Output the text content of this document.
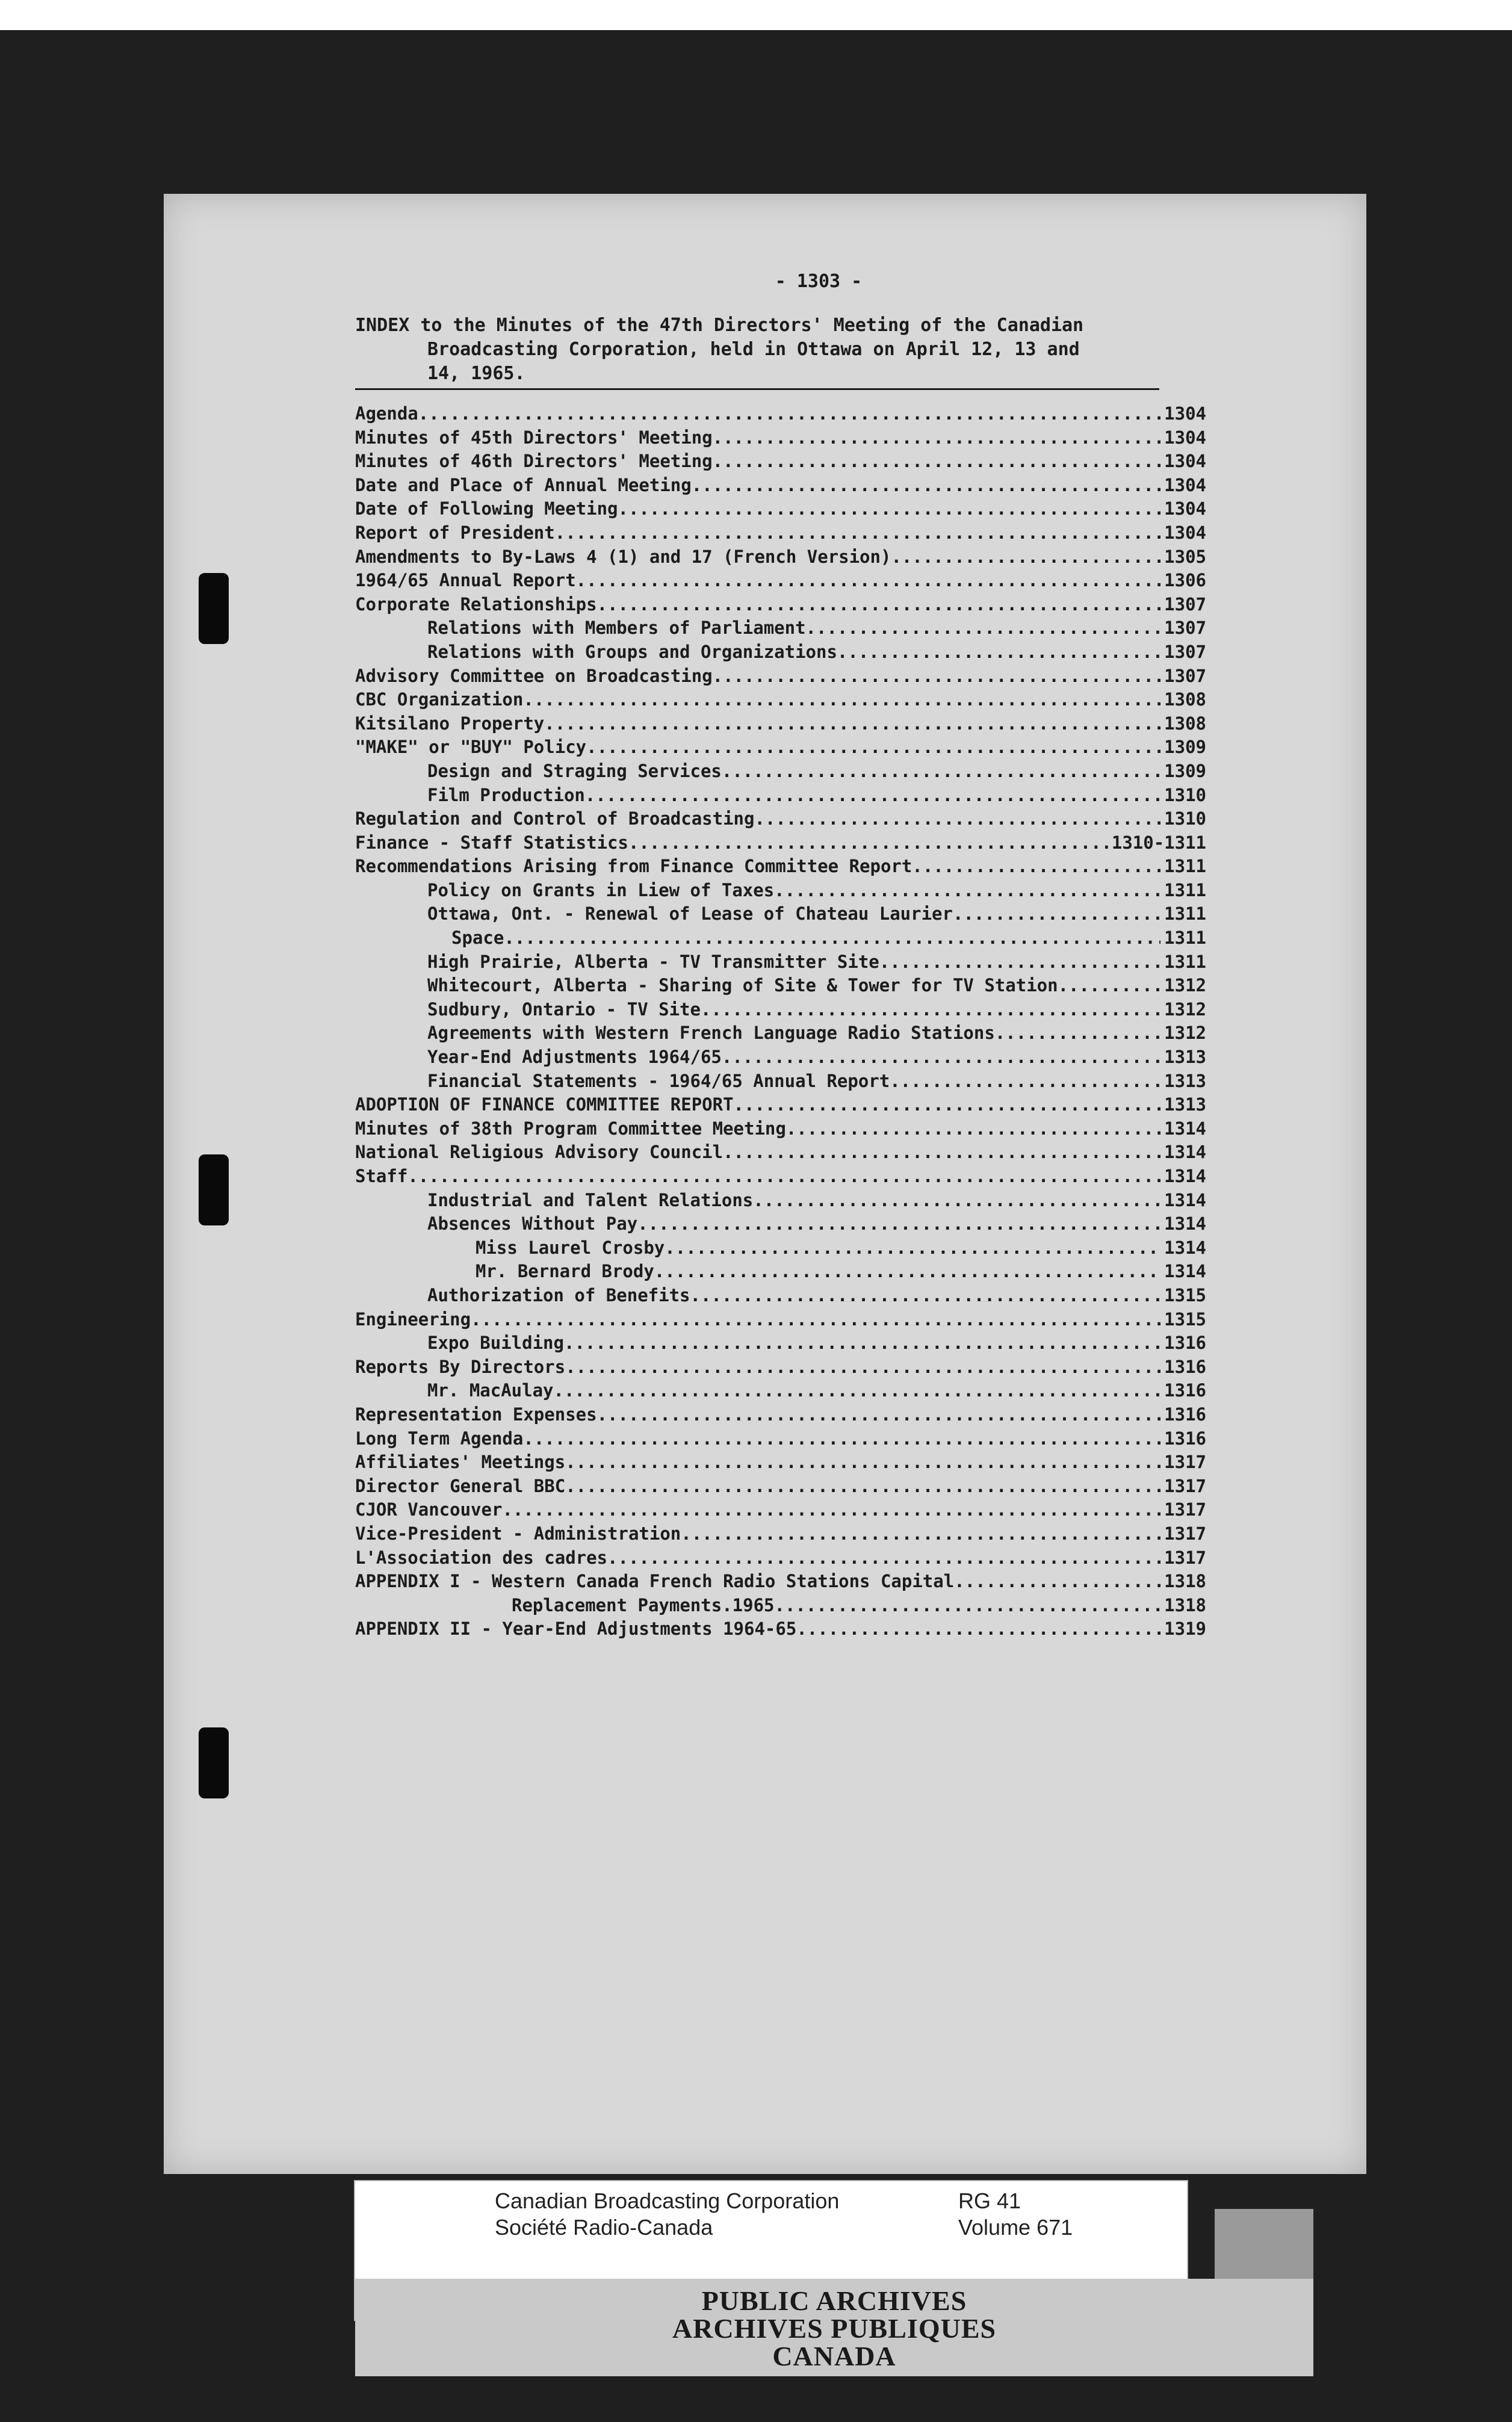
- 1303 -
INDEX to the Minutes of the 47th Directors' Meeting of the Canadian
Broadcasting Corporation, held in Ottawa on April 12, 13 and
14, 1965.
Agenda .....	1304
Minutes of 45th Directors' Meeting .....	1304
Minutes of 46th Directors' Meeting .....	1304
Date and Place of Annual Meeting .....	1304
Date of Following Meeting .....	1304
Report of President .....	1304
Amendments to By-Laws 4 (1) and 17 (French Version) .....	1305
1964/65 Annual Report .....	1306
Corporate Relationships .....	1307
Relations with Members of Parliament .....	1307
Relations with Groups and Organizations .....	1307
Advisory Committee on Broadcasting .....	1307
CBC Organization .....	1308
Kitsilano Property .....	1308
"MAKE" or "BUY" Policy .....	1309
Design and Straging Services .....	1309
Film Production .....	1310
Regulation and Control of Broadcasting .....	1310
Finance - Staff Statistics .....	1310-1311
Recommendations Arising from Finance Committee Report .....	1311
Policy on Grants in Liew of Taxes .....	1311
Ottawa, Ont. - Renewal of Lease of Chateau Laurier .....	1311
Space .....	1311
High Prairie, Alberta - TV Transmitter Site .....	1311
Whitecourt, Alberta - Sharing of Site & Tower for TV Station .....	1312
Sudbury, Ontario - TV Site .....	1312
Agreements with Western French Language Radio Stations .....	1312
Year-End Adjustments 1964/65 .....	1313
Financial Statements - 1964/65 Annual Report .....	1313
ADOPTION OF FINANCE COMMITTEE REPORT .....	1313
Minutes of 38th Program Committee Meeting .....	1314
National Religious Advisory Council .....	1314
Staff .....	1314
Industrial and Talent Relations .....	1314
Absences Without Pay .....	1314
Miss Laurel Crosby .....	1314
Mr. Bernard Brody .....	1314
Authorization of Benefits .....	1315
Engineering .....	1315
Expo Building .....	1316
Reports By Directors .....	1316
Mr. MacAulay .....	1316
Representation Expenses .....	1316
Long Term Agenda .....	1316
Affiliates' Meetings .....	1317
Director General BBC .....	1317
CJOR Vancouver .....	1317
Vice-President - Administration .....	1317
L'Association des cadres .....	1317
APPENDIX I - Western Canada French Radio Stations Capital .....	1318
Replacement Payments.1965 .....	1318
APPENDIX II - Year-End Adjustments 1964-65 .....	1319
Canadian Broadcasting Corporation
Société Radio-Canada
RG 41
Volume 671
PUBLIC ARCHIVES
ARCHIVES PUBLIQUES
CANADA
